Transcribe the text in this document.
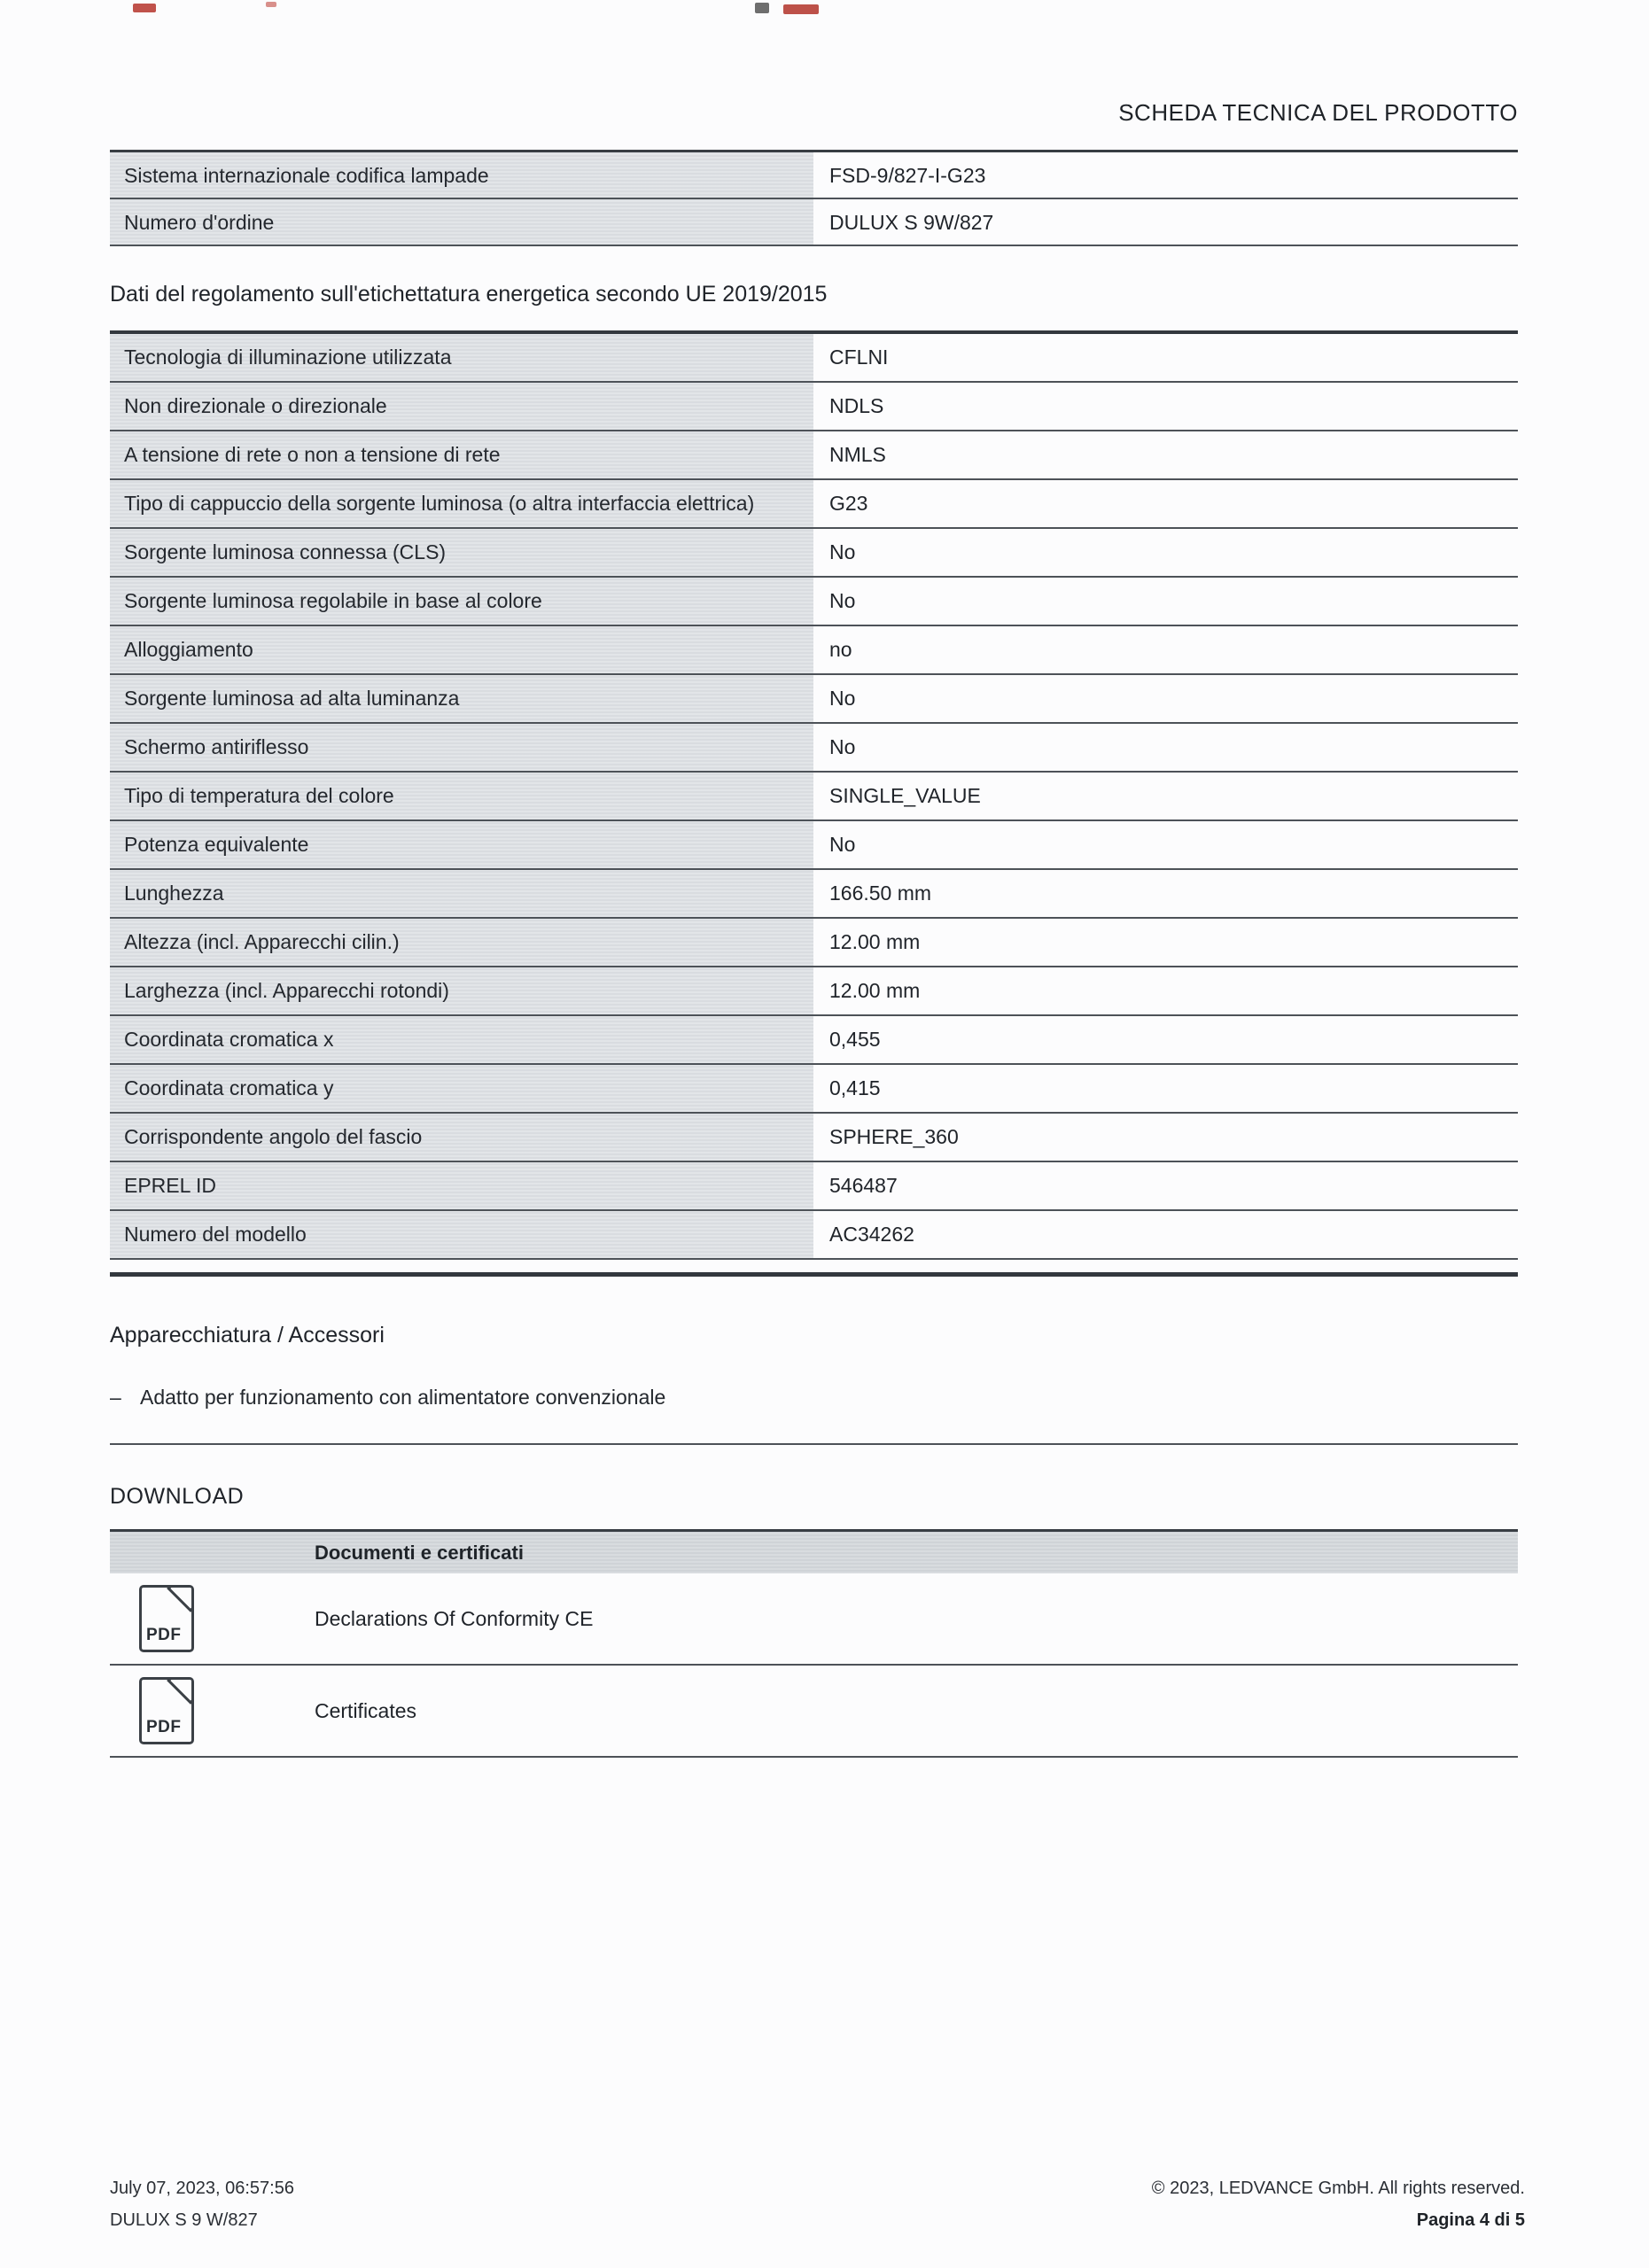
SCHEDA TECNICA DEL PRODOTTO
Sistema internazionale codifica lampade	FSD-9/827-I-G23
Numero d'ordine	DULUX S 9W/827
Dati del regolamento sull'etichettatura energetica secondo UE 2019/2015
Tecnologia di illuminazione utilizzata	CFLNI
Non direzionale o direzionale	NDLS
A tensione di rete o non a tensione di rete	NMLS
Tipo di cappuccio della sorgente luminosa (o altra interfaccia elettrica)	G23
Sorgente luminosa connessa (CLS)	No
Sorgente luminosa regolabile in base al colore	No
Alloggiamento	no
Sorgente luminosa ad alta luminanza	No
Schermo antiriflesso	No
Tipo di temperatura del colore	SINGLE_VALUE
Potenza equivalente	No
Lunghezza	166.50 mm
Altezza (incl. Apparecchi cilin.)	12.00 mm
Larghezza (incl. Apparecchi rotondi)	12.00 mm
Coordinata cromatica x	0,455
Coordinata cromatica y	0,415
Corrispondente angolo del fascio	SPHERE_360
EPREL ID	546487
Numero del modello	AC34262
Apparecchiatura / Accessori
– Adatto per funzionamento con alimentatore convenzionale
DOWNLOAD
Documenti e certificati
PDF
Declarations Of Conformity CE
PDF
Certificates
July 07, 2023, 06:57:56
DULUX S 9 W/827
© 2023, LEDVANCE GmbH. All rights reserved.
Pagina 4 di 5
